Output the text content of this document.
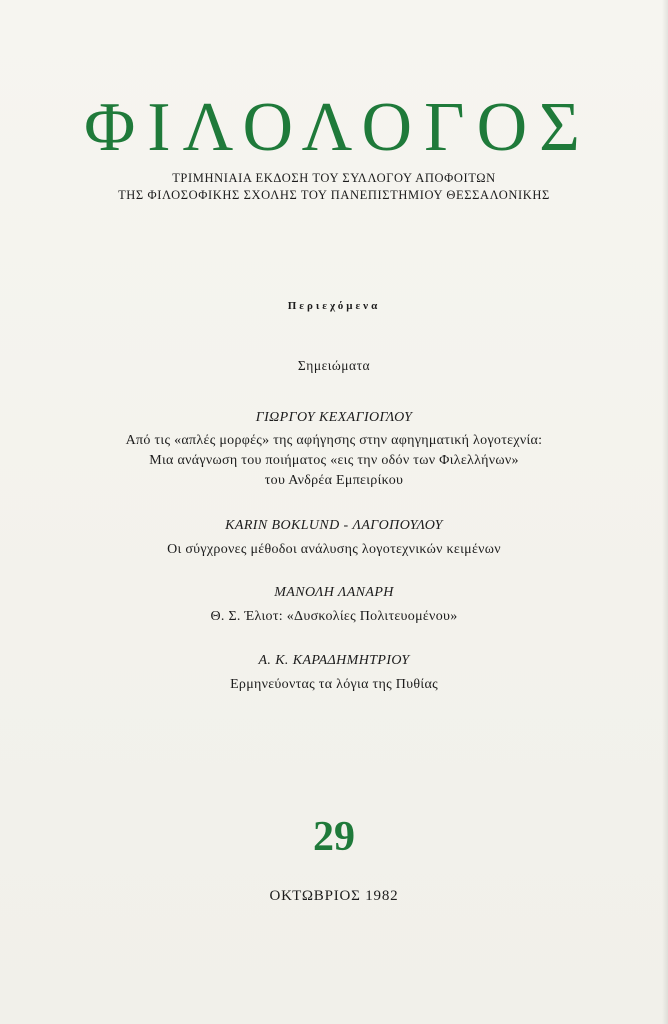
ΦΙΛΟΛΟΓΟΣ
ΤΡΙΜΗΝΙΑΙΑ ΕΚΔΟΣΗ ΤΟΥ ΣΥΛΛΟΓΟΥ ΑΠΟΦΟΙΤΩΝ
ΤΗΣ ΦΙΛΟΣΟΦΙΚΗΣ ΣΧΟΛΗΣ ΤΟΥ ΠΑΝΕΠΙΣΤΗΜΙΟΥ ΘΕΣΣΑΛΟΝΙΚΗΣ
Περιεχόμενα
Σημειώματα
ΓΙΩΡΓΟΥ ΚΕΧΑΓΙΟΓΛΟΥ
Από τις «απλές μορφές» της αφήγησης στην αφηγηματική λογοτεχνία:
Μια ανάγνωση του ποιήματος «εις την οδόν των Φιλελλήνων»
του Ανδρέα Εμπειρίκου
KARIN BOKLUND - ΛΑΓΟΠΟΥΛΟΥ
Οι σύγχρονες μέθοδοι ανάλυσης λογοτεχνικών κειμένων
ΜΑΝΟΛΗ ΛΑΝΑΡΗ
Θ. Σ. Έλιοτ: «Δυσκολίες Πολιτευομένου»
Α. Κ. ΚΑΡΑΔΗΜΗΤΡΙΟΥ
Ερμηνεύοντας τα λόγια της Πυθίας
29
ΟΚΤΩΒΡΙΟΣ 1982
